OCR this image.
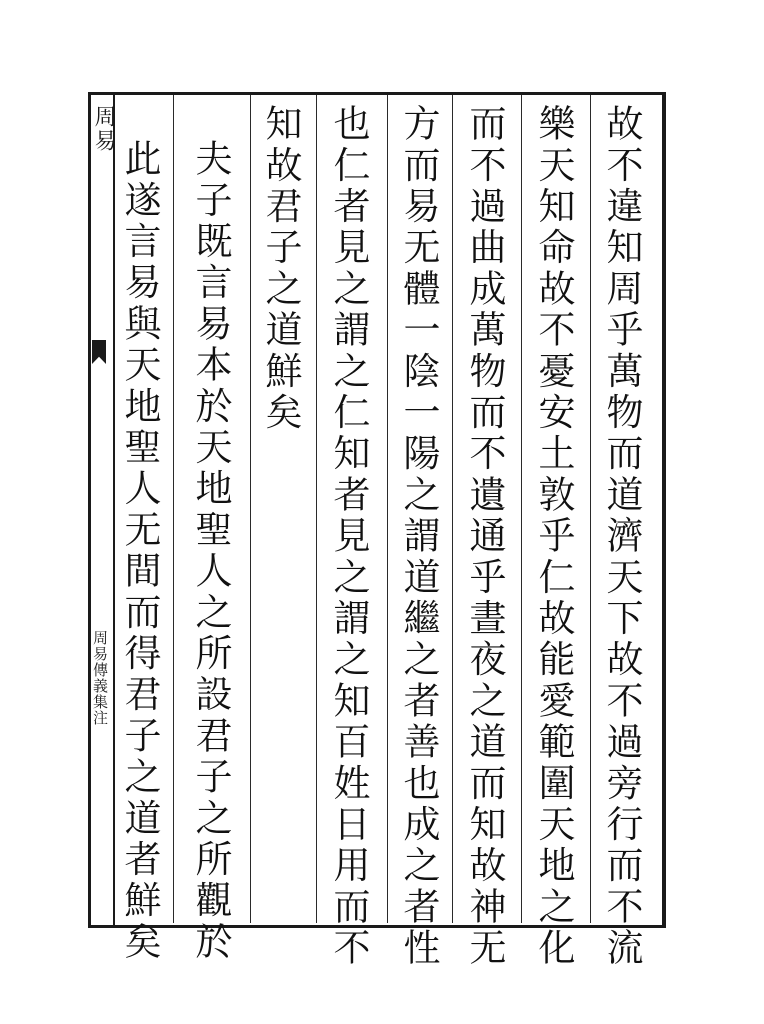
周易
周易傳義集注	故不違知周乎萬物而道濟天下故不過旁行而不流
樂天知命故不憂安土敦乎仁故能愛範圍天地之化
而不過曲成萬物而不遺通乎晝夜之道而知故神无
方而易无體一陰一陽之謂道繼之者善也成之者性
也仁者見之謂之仁知者見之謂之知百姓日用而不
知故君子之道鮮矣
夫子既言易本於天地聖人之所設君子之所觀於
此遂言易與天地聖人无間而得君子之道者鮮矣
